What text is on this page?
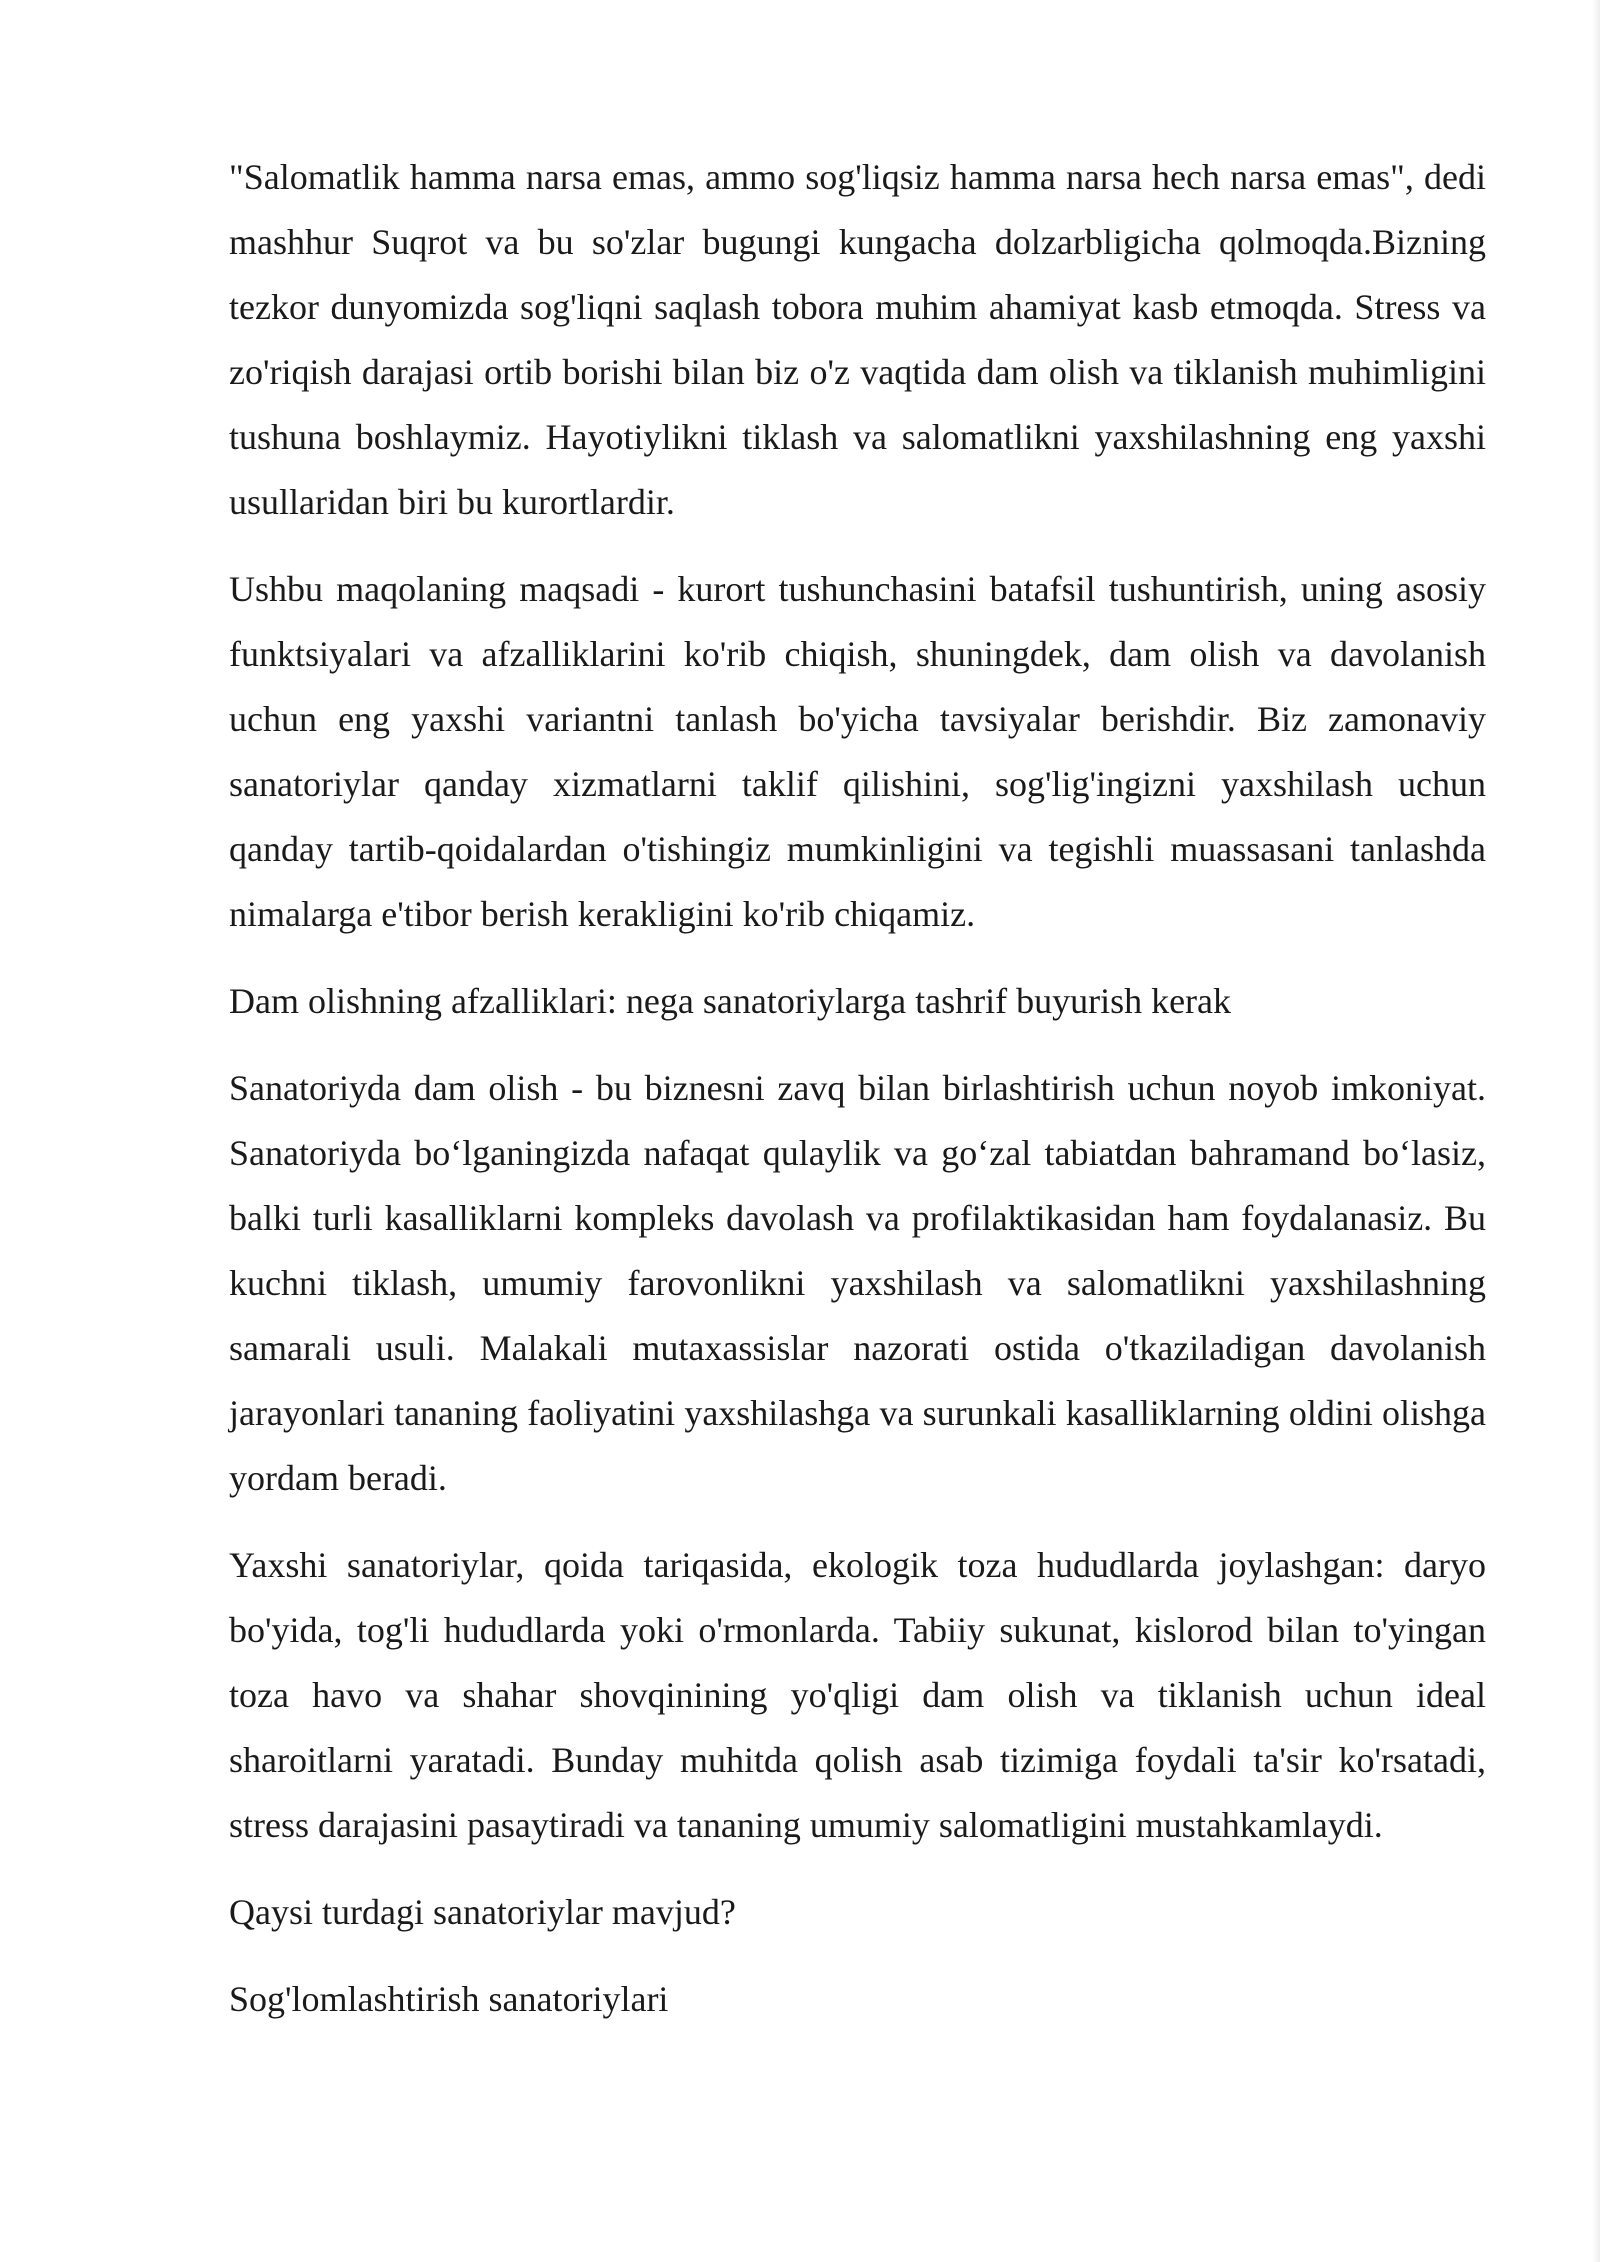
"Salomatlik hamma narsa emas, ammo sog'liqsiz hamma narsa hech narsa emas", dedi mashhur Suqrot va bu so'zlar bugungi kungacha dolzarbligicha qolmoqda.Bizning tezkor dunyomizda sog'liqni saqlash tobora muhim ahamiyat kasb etmoqda. Stress va zo'riqish darajasi ortib borishi bilan biz o'z vaqtida dam olish va tiklanish muhimligini tushuna boshlaymiz. Hayotiylikni tiklash va salomatlikni yaxshilashning eng yaxshi usullaridan biri bu kurortlardir.

Ushbu maqolaning maqsadi - kurort tushunchasini batafsil tushuntirish, uning asosiy funktsiyalari va afzalliklarini ko'rib chiqish, shuningdek, dam olish va davolanish uchun eng yaxshi variantni tanlash bo'yicha tavsiyalar berishdir. Biz zamonaviy sanatoriylar qanday xizmatlarni taklif qilishini, sog'lig'ingizni yaxshilash uchun qanday tartib-qoidalardan o'tishingiz mumkinligini va tegishli muassasani tanlashda nimalarga e'tibor berish kerakligini ko'rib chiqamiz.

Dam olishning afzalliklari: nega sanatoriylarga tashrif buyurish kerak

Sanatoriyda dam olish - bu biznesni zavq bilan birlashtirish uchun noyob imkoniyat. Sanatoriyda bo‘lganingizda nafaqat qulaylik va go‘zal tabiatdan bahramand bo‘lasiz, balki turli kasalliklarni kompleks davolash va profilaktikasidan ham foydalanasiz. Bu kuchni tiklash, umumiy farovonlikni yaxshilash va salomatlikni yaxshilashning samarali usuli. Malakali mutaxassislar nazorati ostida o'tkaziladigan davolanish jarayonlari tananing faoliyatini yaxshilashga va surunkali kasalliklarning oldini olishga yordam beradi.

Yaxshi sanatoriylar, qoida tariqasida, ekologik toza hududlarda joylashgan: daryo bo'yida, tog'li hududlarda yoki o'rmonlarda. Tabiiy sukunat, kislorod bilan to'yingan toza havo va shahar shovqinining yo'qligi dam olish va tiklanish uchun ideal sharoitlarni yaratadi. Bunday muhitda qolish asab tizimiga foydali ta'sir ko'rsatadi, stress darajasini pasaytiradi va tananing umumiy salomatligini mustahkamlaydi.

Qaysi turdagi sanatoriylar mavjud?

Sog'lomlashtirish sanatoriylari
